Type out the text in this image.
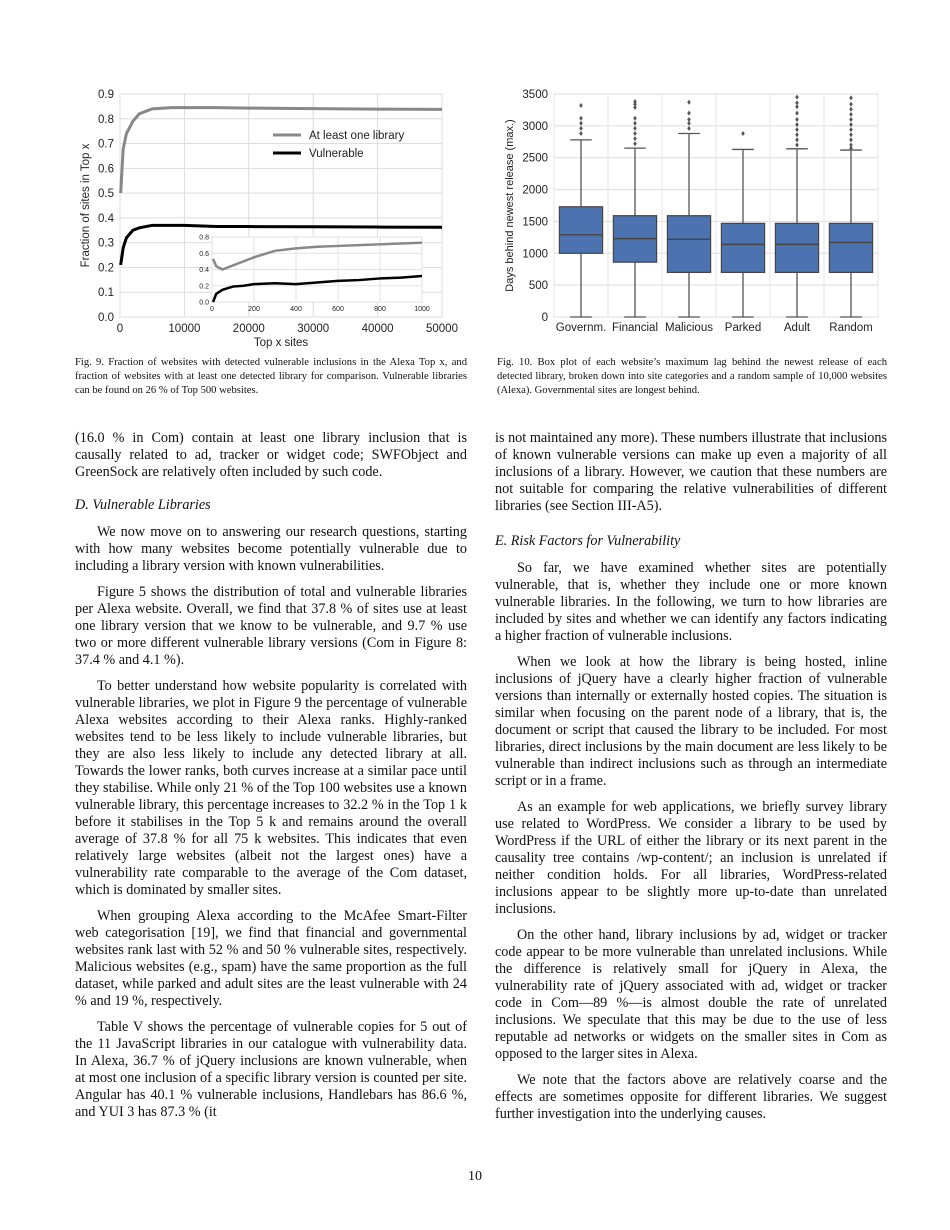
0.0
0.1
0.2
0.3
0.4
0.5
0.6
0.7
0.8
0.9
0	10000	20000	30000	40000	50000
Top x sites
Fraction of sites in Top x
At least one library
Vulnerable
0.0
0.2
0.4
0.6
0.8
0	200	400	600	800	1000
0
500
1000
1500
2000
2500
3000
3500
Days behind newest release (max.)
Governm. Financial Malicious Parked Adult Random
Fig. 9. Fraction of websites with detected vulnerable inclusions in the Alexa Top x, and fraction of websites with at least one detected library for comparison. Vulnerable libraries can be found on 26 % of Top 500 websites.
Fig. 10. Box plot of each website’s maximum lag behind the newest release of each detected library, broken down into site categories and a random sample of 10,000 websites (Alexa). Governmental sites are longest behind.

(16.0 % in Com) contain at least one library inclusion that is causally related to ad, tracker or widget code; SWFObject and GreenSock are relatively often included by such code.

D. Vulnerable Libraries

We now move on to answering our research questions, starting with how many websites become potentially vulnerable due to including a library version with known vulnerabilities.

Figure 5 shows the distribution of total and vulnerable libraries per Alexa website. Overall, we find that 37.8 % of sites use at least one library version that we know to be vulnerable, and 9.7 % use two or more different vulnerable library versions (Com in Figure 8: 37.4 % and 4.1 %).

To better understand how website popularity is correlated with vulnerable libraries, we plot in Figure 9 the percentage of vulnerable Alexa websites according to their Alexa ranks. Highly-ranked websites tend to be less likely to include vulnerable libraries, but they are also less likely to include any detected library at all. Towards the lower ranks, both curves increase at a similar pace until they stabilise. While only 21 % of the Top 100 websites use a known vulnerable library, this percentage increases to 32.2 % in the Top 1 k before it stabilises in the Top 5 k and remains around the overall average of 37.8 % for all 75 k websites. This indicates that even relatively large websites (albeit not the largest ones) have a vulnerability rate comparable to the average of the Com dataset, which is dominated by smaller sites.

When grouping Alexa according to the McAfee Smart-Filter web categorisation [19], we find that financial and governmental websites rank last with 52 % and 50 % vulnerable sites, respectively. Malicious websites (e.g., spam) have the same proportion as the full dataset, while parked and adult sites are the least vulnerable with 24 % and 19 %, respectively.

Table V shows the percentage of vulnerable copies for 5 out of the 11 JavaScript libraries in our catalogue with vulnerability data. In Alexa, 36.7 % of jQuery inclusions are known vulnerable, when at most one inclusion of a specific library version is counted per site. Angular has 40.1 % vulnerable inclusions, Handlebars has 86.6 %, and YUI 3 has 87.3 % (it

is not maintained any more). These numbers illustrate that inclusions of known vulnerable versions can make up even a majority of all inclusions of a library. However, we caution that these numbers are not suitable for comparing the relative vulnerabilities of different libraries (see Section III-A5).

E. Risk Factors for Vulnerability

So far, we have examined whether sites are potentially vulnerable, that is, whether they include one or more known vulnerable libraries. In the following, we turn to how libraries are included by sites and whether we can identify any factors indicating a higher fraction of vulnerable inclusions.

When we look at how the library is being hosted, inline inclusions of jQuery have a clearly higher fraction of vulnerable versions than internally or externally hosted copies. The situation is similar when focusing on the parent node of a library, that is, the document or script that caused the library to be included. For most libraries, direct inclusions by the main document are less likely to be vulnerable than indirect inclusions such as through an intermediate script or in a frame.

As an example for web applications, we briefly survey library use related to WordPress. We consider a library to be used by WordPress if the URL of either the library or its next parent in the causality tree contains /wp-content/; an inclusion is unrelated if neither condition holds. For all libraries, WordPress-related inclusions appear to be slightly more up-to-date than unrelated inclusions.

On the other hand, library inclusions by ad, widget or tracker code appear to be more vulnerable than unrelated inclusions. While the difference is relatively small for jQuery in Alexa, the vulnerability rate of jQuery associated with ad, widget or tracker code in Com—89 %—is almost double the rate of unrelated inclusions. We speculate that this may be due to the use of less reputable ad networks or widgets on the smaller sites in Com as opposed to the larger sites in Alexa.

We note that the factors above are relatively coarse and the effects are sometimes opposite for different libraries. We suggest further investigation into the underlying causes.

10
